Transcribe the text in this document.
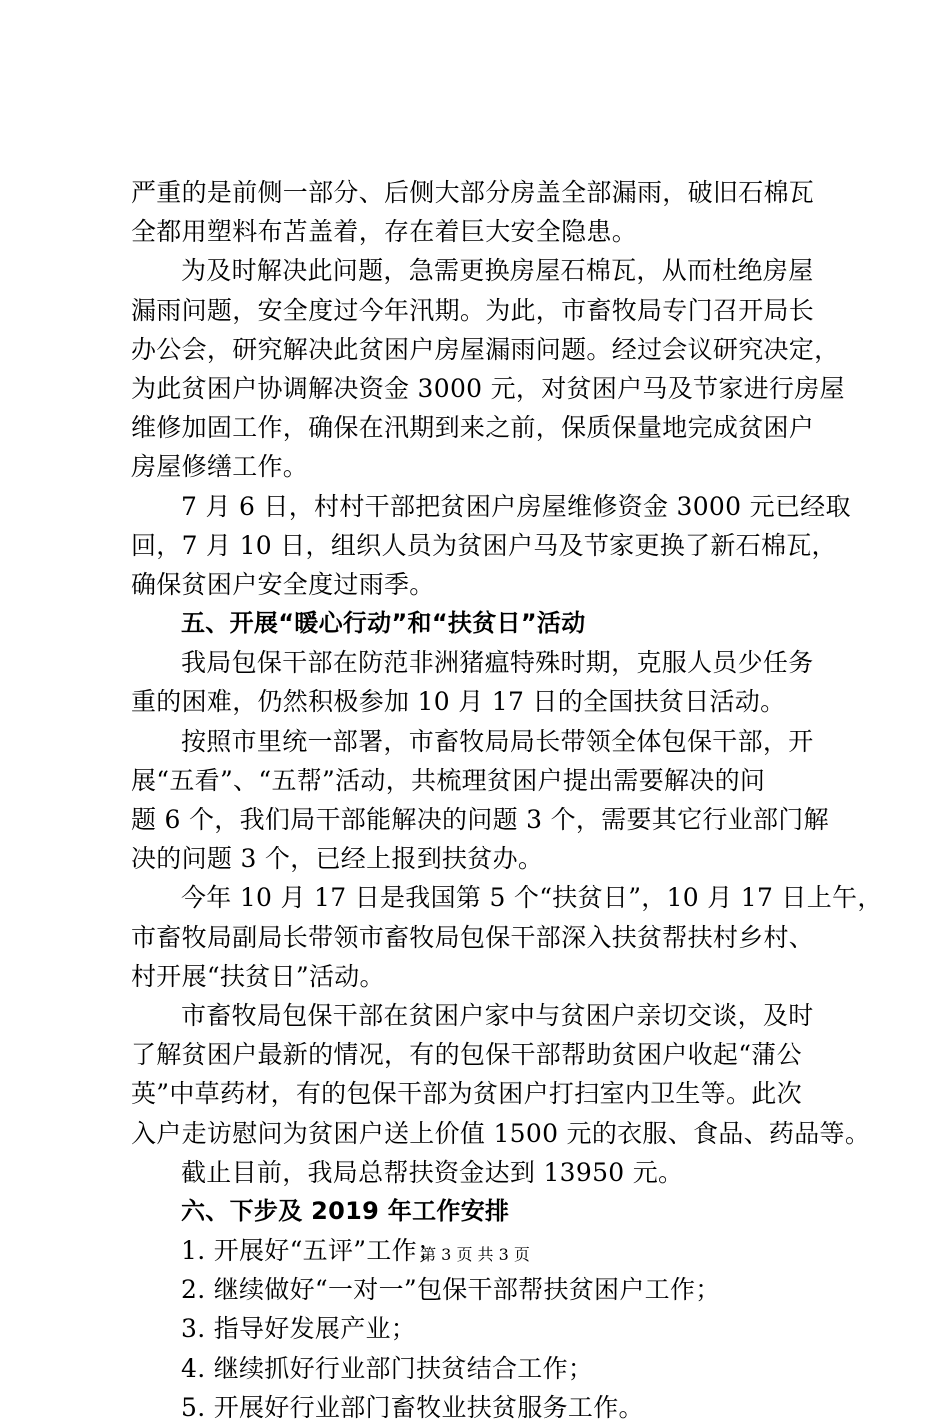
严重的是前侧一部分、后侧大部分房盖全部漏雨，破旧石棉瓦
全都用塑料布苫盖着，存在着巨大安全隐患。
为及时解决此问题，急需更换房屋石棉瓦，从而杜绝房屋
漏雨问题，安全度过今年汛期。为此，市畜牧局专门召开局长
办公会，研究解决此贫困户房屋漏雨问题。经过会议研究决定，
为此贫困户协调解决资金 3000 元，对贫困户马及节家进行房屋
维修加固工作，确保在汛期到来之前，保质保量地完成贫困户
房屋修缮工作。
7 月 6 日，村村干部把贫困户房屋维修资金 3000 元已经取
回，7 月 10 日，组织人员为贫困户马及节家更换了新石棉瓦，
确保贫困户安全度过雨季。
五、开展“暖心行动”和“扶贫日”活动
我局包保干部在防范非洲猪瘟特殊时期，克服人员少任务
重的困难，仍然积极参加 10 月 17 日的全国扶贫日活动。
按照市里统一部署，市畜牧局局长带领全体包保干部，开
展“五看”、“五帮”活动，共梳理贫困户提出需要解决的问
题 6 个，我们局干部能解决的问题 3 个，需要其它行业部门解
决的问题 3 个，已经上报到扶贫办。
今年 10 月 17 日是我国第 5 个“扶贫日”，10 月 17 日上午，
市畜牧局副局长带领市畜牧局包保干部深入扶贫帮扶村乡村、
村开展“扶贫日”活动。
市畜牧局包保干部在贫困户家中与贫困户亲切交谈，及时
了解贫困户最新的情况，有的包保干部帮助贫困户收起“蒲公
英”中草药材，有的包保干部为贫困户打扫室内卫生等。此次
入户走访慰问为贫困户送上价值 1500 元的衣服、食品、药品等。
截止目前，我局总帮扶资金达到 13950 元。
六、下步及 2019 年工作安排
1. 开展好“五评”工作；
2. 继续做好“一对一”包保干部帮扶贫困户工作；
3. 指导好发展产业；
4. 继续抓好行业部门扶贫结合工作；
5. 开展好行业部门畜牧业扶贫服务工作。
第 3 页 共 3 页
